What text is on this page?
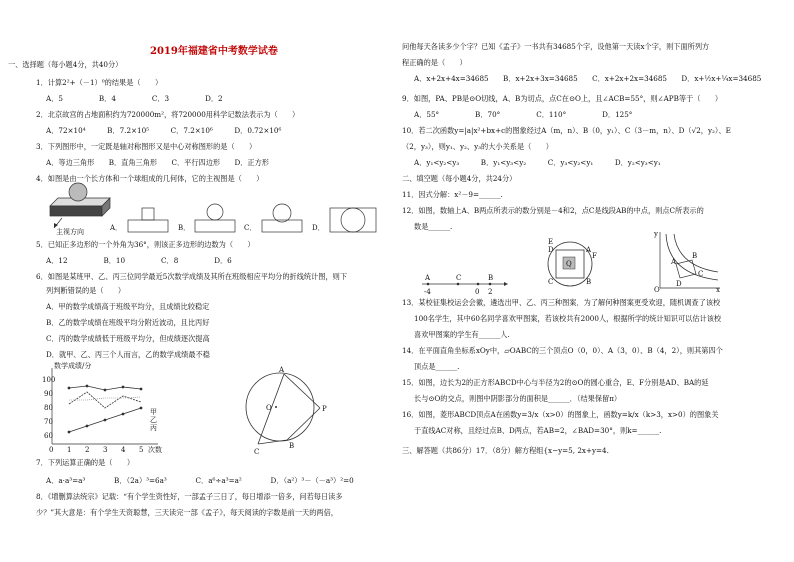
2019年福建省中考数学试卷
一、选择题（每小题4分，共40分）
1．计算2²+（－1）⁰的结果是（　　）
A．5　　　　　B．4　　　　　C．3　　　　　D．2
2．北京故宫的占地面积约为720000m²，将720000用科学记数法表示为（　　）
A．72×10⁴　　　B．7.2×10⁵　　　C．7.2×10⁶　　　D．0.72×10⁶
3．下列图形中，一定既是轴对称图形又是中心对称图形的是（　　）
A．等边三角形　　B．直角三角形　　C．平行四边形　　D．正方形
4．如图是由一个长方体和一个球组成的几何体，它的主视图是（　　）
5．已知正多边形的一个外角为36°，则该正多边形的边数为（　　）
A．12　　　　　B．10　　　　　C．8　　　　　D．6
6．如图是某班甲、乙、丙三位同学最近5次数学成绩及其所在班级相应平均分的折线统计图，则下
列判断错误的是（　　）
A．甲的数学成绩高于班级平均分，且成绩比较稳定
B．乙的数学成绩在班级平均分附近波动，且比丙好
C．丙的数学成绩低于班级平均分，但成绩逐次提高
D．就甲、乙、丙三个人而言，乙的数学成绩最不稳
7．下列运算正确的是（　　）
A．a·a³=a³　　　　B．（2a）³=6a³　　　　C．a⁶÷a³=a²　　　　D．（a²）³－（－a³）²=0
8．《增删算法统宗》记载：“有个学生资性好，一部孟子三日了，每日增添一倍多，问若每日读多
少？”其大意是：有个学生天资聪慧，三天读完一部《孟子》，每天阅读的字数是前一天的两倍，
主视方向	A．	B．	C．	D．
数学成绩/分
100
90
80
70
60
0 1 2 3 4 5 次数
甲
乙
丙
A
B
C
P
O
问他每天各读多少个字？已知《孟子》一书共有34685个字，设他第一天读x个字，则下面所列方
程正确的是（　　）
A．x+2x+4x=34685　　B．x+2x+3x=34685　　C．x+2x+2x=34685　　D．x+½x+¼x=34685
9．如图，PA、PB是⊙O切线，A、B为切点，点C在⊙O上，且∠ACB=55°，则∠APB等于（　　）
A．55°　　　　　B．70°　　　　　C．110°　　　　　D．125°
10．若二次函数y=|a|x²+bx+c的图象经过A（m，n）、B（0，y₁）、C（3－m，n）、D（√2，y₂）、E
（2，y₃），则y₁、y₂、y₃的大小关系是（　　）
A．y₁<y₂<y₃　　　B．y₁<y₃<y₂　　　C．y₃<y₂<y₁　　　D．y₂<y₃<y₁
二、填空题（每小题4分，共24分）
11．因式分解：x²－9=______.
12．如图，数轴上A、B两点所表示的数分别是－4和2，点C是线段AB的中点，则点C所表示的
数是______.
13．某校征集校运会会徽，遴选出甲、乙、丙三种图案．为了解何种图案更受欢迎，随机调查了该校
100名学生，其中60名同学喜欢甲图案，若该校共有2000人，根据所学的统计知识可以估计该校
喜欢甲图案的学生有______人.
14．在平面直角坐标系xOy中，▱OABC的三个顶点O（0，0）、A（3，0）、B（4，2），则其第四个
顶点是______.
15．如图，边长为2的正方形ABCD中心与半径为2的⊙O的圆心重合，E、F分别是AD、BA的延
长与⊙O的交点，则图中阴影部分的面积是______．（结果保留π）
16．如图，菱形ABCD顶点A在函数y=3/x（x>0）的图象上，函数y=k/x（k>3，x>0）的图象关
于直线AC对称，且经过点B、D两点，若AB=2，∠BAD=30°，则k=______.
三、解答题（共86分）17．（8分）解方程组{x−y=5, 2x+y=4.
A
-4
C
0
B
2
E
D	A
F
B
C
Q
y
x
O
A
B
C
D
